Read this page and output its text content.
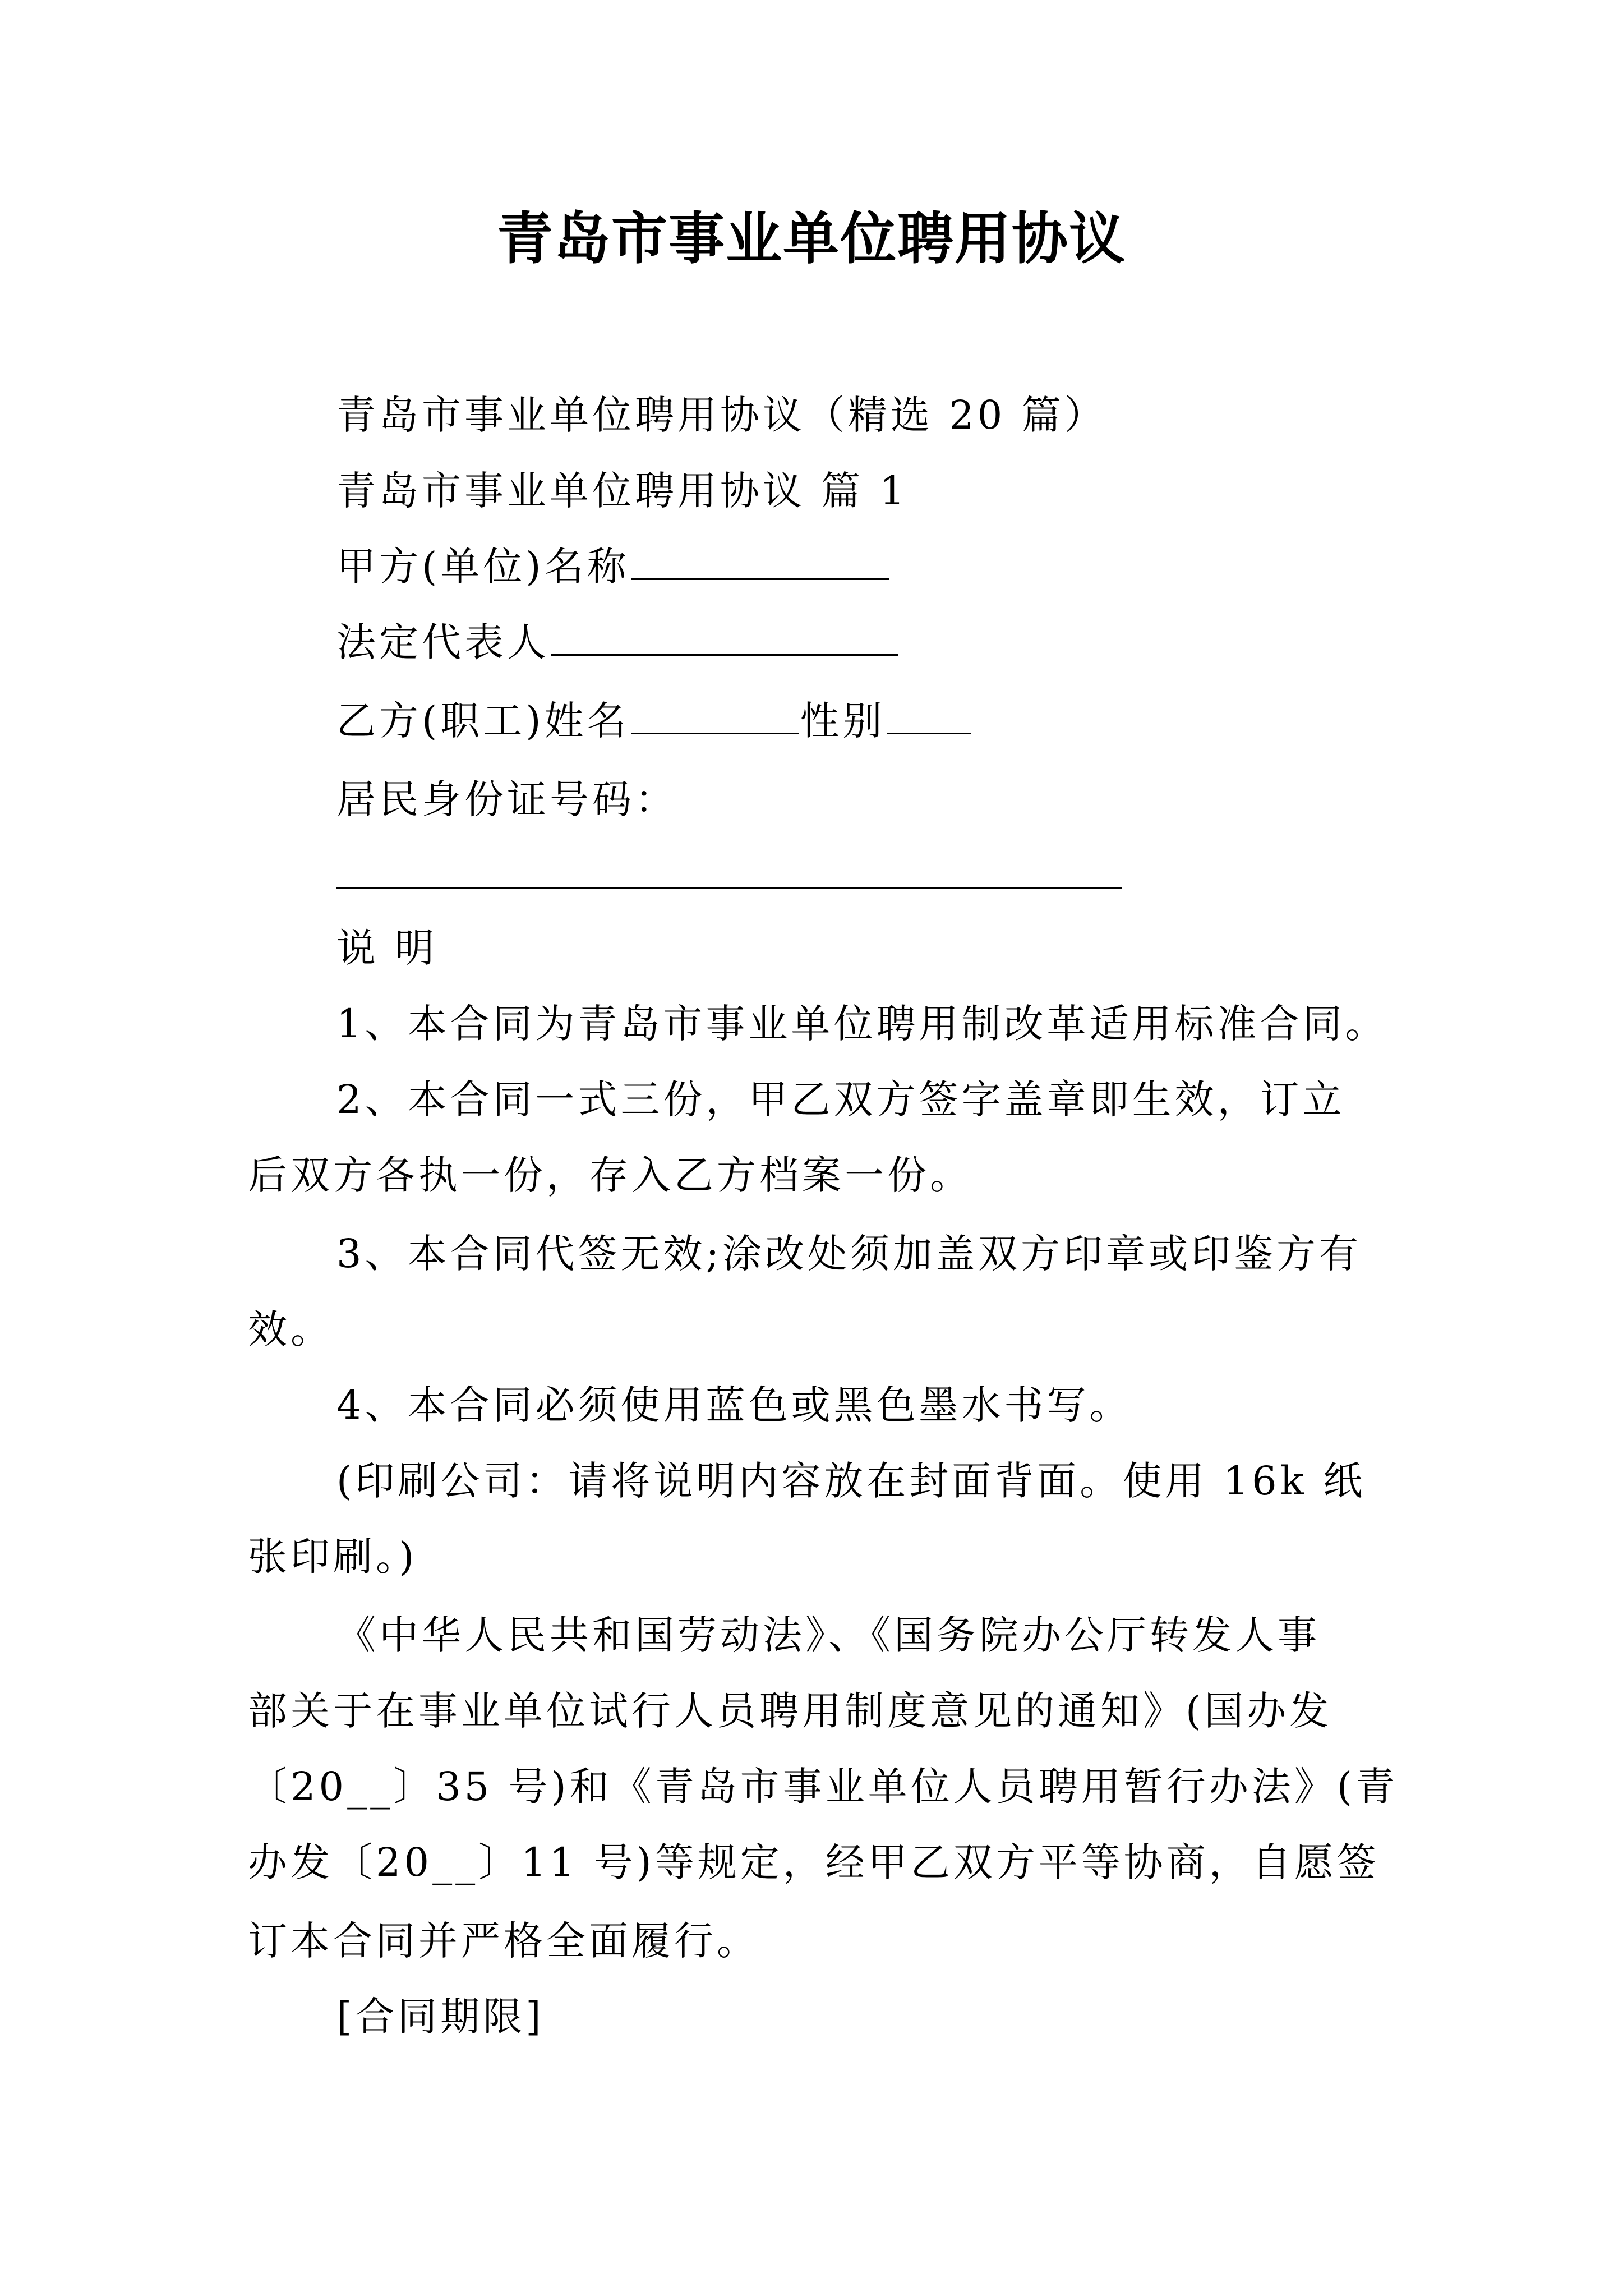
青岛市事业单位聘用协议
青岛市事业单位聘用协议（精选 20 篇）
青岛市事业单位聘用协议 篇 1
甲方(单位)名称
法定代表人
乙方(职工)姓名	性别
居民身份证号码：
说 明
1、本合同为青岛市事业单位聘用制改革适用标准合同。
2、本合同一式三份，甲乙双方签字盖章即生效，订立
后双方各执一份，存入乙方档案一份。
3、本合同代签无效;涂改处须加盖双方印章或印鉴方有
效。
4、本合同必须使用蓝色或黑色墨水书写。
(印刷公司：请将说明内容放在封面背面。使用 16k 纸
张印刷。)
《中华人民共和国劳动法》、《国务院办公厅转发人事
部关于在事业单位试行人员聘用制度意见的通知》(国办发
〔20__〕35 号)和《青岛市事业单位人员聘用暂行办法》(青
办发〔20__〕11 号)等规定，经甲乙双方平等协商，自愿签
订本合同并严格全面履行。
[合同期限]
